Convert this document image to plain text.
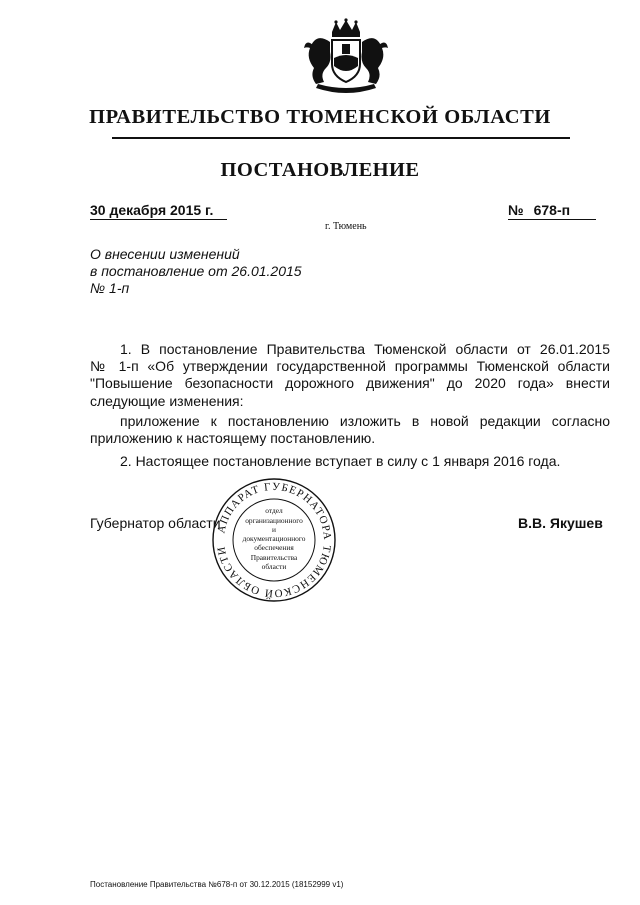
ПРАВИТЕЛЬСТВО ТЮМЕНСКОЙ ОБЛАСТИ
ПОСТАНОВЛЕНИЕ
30 декабря 2015 г.	№ 678-п
г. Тюмень
О внесении изменений
в постановление от 26.01.2015
№ 1-п
1. В постановление Правительства Тюменской области от 26.01.2015
№ 1-п «Об утверждении государственной программы Тюменской области
"Повышение безопасности дорожного движения" до 2020 года» внести
следующие изменения:
приложение к постановлению изложить в новой редакции согласно
приложению к настоящему постановлению.
2. Настоящее постановление вступает в силу с 1 января 2016 года.
Губернатор области	В.В. Якушев
АППАРАТ ГУБЕРНАТОРА ТЮМЕНСКОЙ ОБЛАСТИ
отдел
организационного
и
документационного
обеспечения
Правительства
области
Постановление Правительства №678-п от 30.12.2015 (18152999 v1)
